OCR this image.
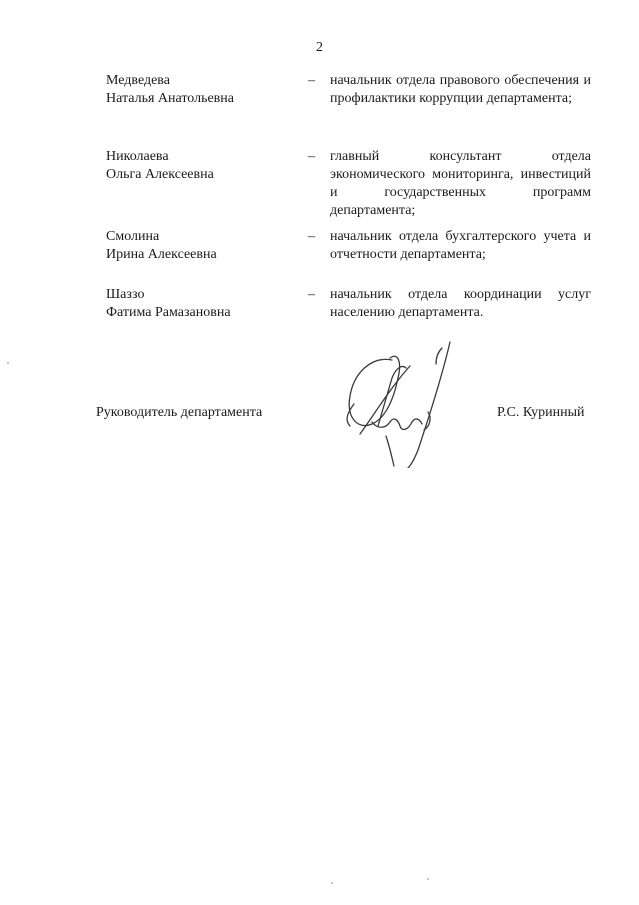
2
Медведева
Наталья Анатольевна
– начальник отдела правового обеспечения и профилактики коррупции департамента;
Николаева
Ольга Алексеевна
– главный консультант отдела экономического мониторинга, инвестиций и государственных программ департамента;
Смолина
Ирина Алексеевна
– начальник отдела бухгалтерского учета и отчетности департамента;
Шаззо
Фатима Рамазановна
– начальник отдела координации услуг населению департамента.
Руководитель департамента	Р.С. Куринный
